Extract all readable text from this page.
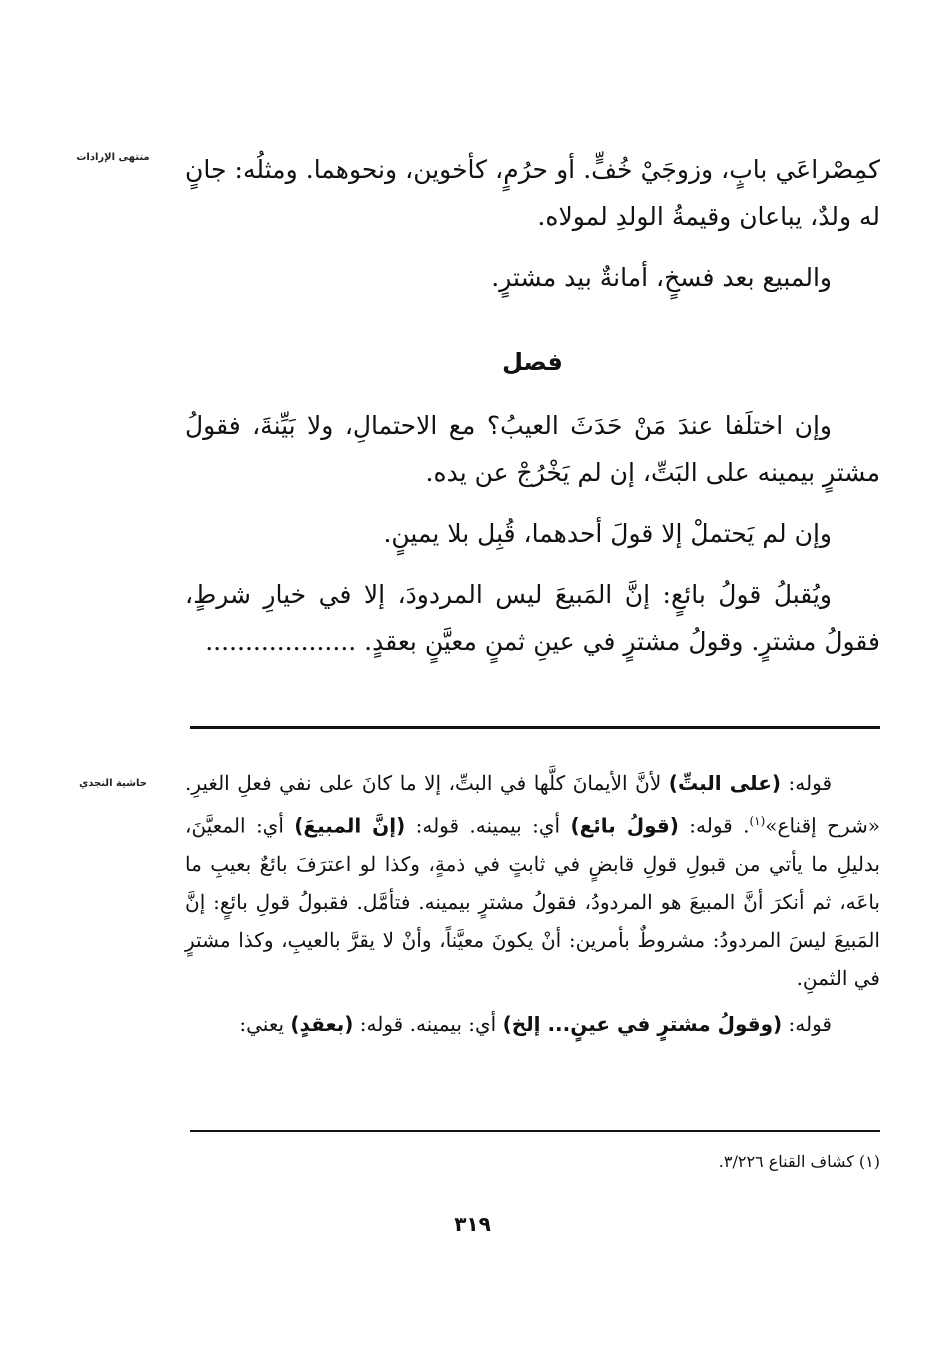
منتهى الإرادات	كمِصْراعَي بابٍ، وزوجَيْ خُفٍّ. أو حرُمٍ، كأخوين، ونحوهما. ومثلُه: جانٍ له ولدٌ، يباعان وقيمةُ الولدِ لمولاه.

والمبيع بعد فسخٍ، أمانةٌ بيد مشترٍ.

فصل

وإن اختلَفا عندَ مَنْ حَدَثَ العيبُ؟ مع الاحتمالِ، ولا بَيِّنةَ، فقولُ مشترٍ بيمينه على البَتِّ، إن لم يَخْرُجْ عن يده.

وإن لم يَحتملْ إلا قولَ أحدهما، قُبِل بلا يمينٍ.

ويُقبلُ قولُ بائعٍ: إنَّ المَبيعَ ليس المردودَ، إلا في خيارِ شرطٍ، فقولُ مشترٍ. وقولُ مشترٍ في عينِ ثمنٍ معيَّنٍ بعقدٍ. ...................

حاشية النجدي	قوله: (على البتِّ) لأنَّ الأيمانَ كلَّها في البتِّ، إلا ما كانَ على نفي فعلِ الغيرِ. «شرح إقناع»$^{(١)}$. قوله: (قولُ بائع) أي: بيمينه. قوله: (إنَّ المبيعَ) أي: المعيَّنَ، بدليلِ ما يأتي من قبولِ قولِ قابضٍ في ثابتٍ في ذمةٍ، وكذا لو اعترَفَ بائعٌ بعيبِ ما باعَه، ثم أنكرَ أنَّ المبيعَ هو المردودُ، فقولُ مشترٍ بيمينه. فتأمَّل. فقبولُ قولِ بائعٍ: إنَّ المَبيعَ ليسَ المردودُ: مشروطٌ بأمرين: أنْ يكونَ معيَّناً، وأنْ لا يقرَّ بالعيبِ، وكذا مشترٍ في الثمنِ.

قوله: (وقولُ مشترٍ في عينٍ... إلخ) أي: بيمينه. قوله: (بعقدٍ) يعني:

(١) كشاف القناع ٣/٢٢٦.
٣١٩
